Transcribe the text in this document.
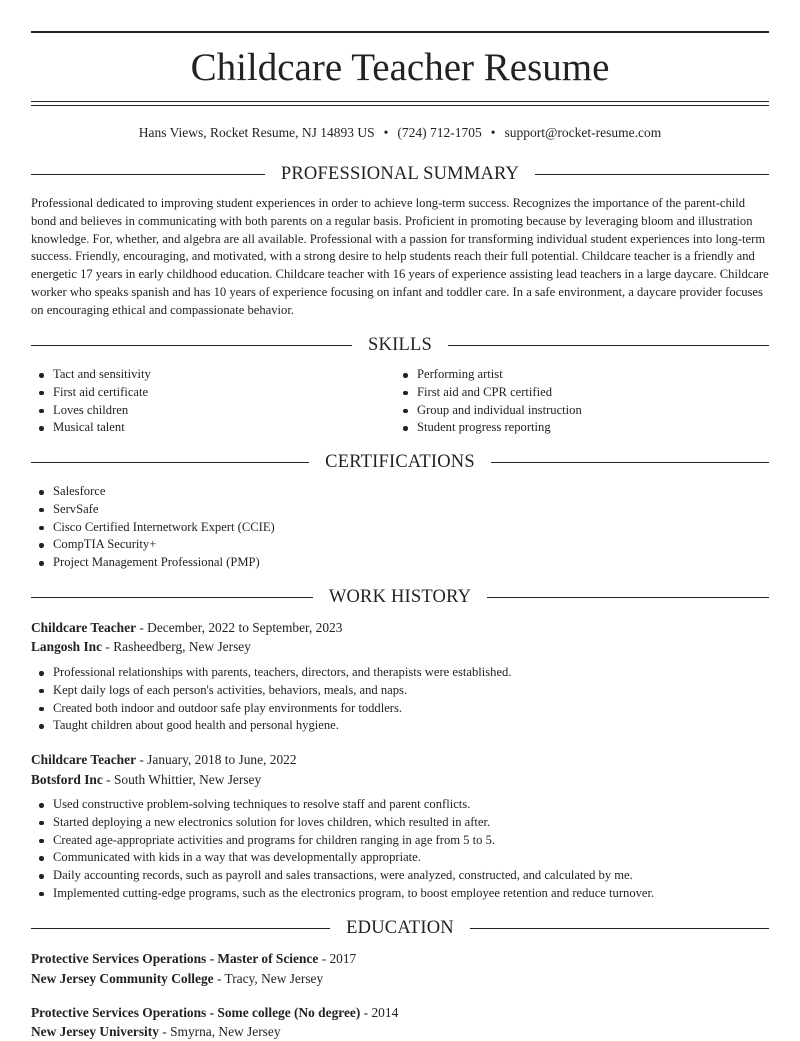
Childcare Teacher Resume
Hans Views, Rocket Resume, NJ 14893 US • (724) 712-1705 • support@rocket-resume.com
PROFESSIONAL SUMMARY

Professional dedicated to improving student experiences in order to achieve long-term success. Recognizes the importance of the parent-child bond and believes in communicating with both parents on a regular basis. Proficient in promoting because by leveraging bloom and illustration knowledge. For, whether, and algebra are all available. Professional with a passion for transforming individual student experiences into long-term success. Friendly, encouraging, and motivated, with a strong desire to help students reach their full potential. Childcare teacher is a friendly and energetic 17 years in early childhood education. Childcare teacher with 16 years of experience assisting lead teachers in a large daycare. Childcare worker who speaks spanish and has 10 years of experience focusing on infant and toddler care. In a safe environment, a daycare provider focuses on encouraging ethical and compassionate behavior.

SKILLS
Tact and sensitivity
First aid certificate
Loves children
Musical talent
Performing artist
First aid and CPR certified
Group and individual instruction
Student progress reporting
CERTIFICATIONS
Salesforce
ServSafe
Cisco Certified Internetwork Expert (CCIE)
CompTIA Security+
Project Management Professional (PMP)
WORK HISTORY
Childcare Teacher - December, 2022 to September, 2023
Langosh Inc - Rasheedberg, New Jersey
Professional relationships with parents, teachers, directors, and therapists were established.
Kept daily logs of each person's activities, behaviors, meals, and naps.
Created both indoor and outdoor safe play environments for toddlers.
Taught children about good health and personal hygiene.
Childcare Teacher - January, 2018 to June, 2022
Botsford Inc - South Whittier, New Jersey
Used constructive problem-solving techniques to resolve staff and parent conflicts.
Started deploying a new electronics solution for loves children, which resulted in after.
Created age-appropriate activities and programs for children ranging in age from 5 to 5.
Communicated with kids in a way that was developmentally appropriate.
Daily accounting records, such as payroll and sales transactions, were analyzed, constructed, and calculated by me.
Implemented cutting-edge programs, such as the electronics program, to boost employee retention and reduce turnover.
EDUCATION
Protective Services Operations - Master of Science - 2017
New Jersey Community College - Tracy, New Jersey
Protective Services Operations - Some college (No degree) - 2014
New Jersey University - Smyrna, New Jersey
